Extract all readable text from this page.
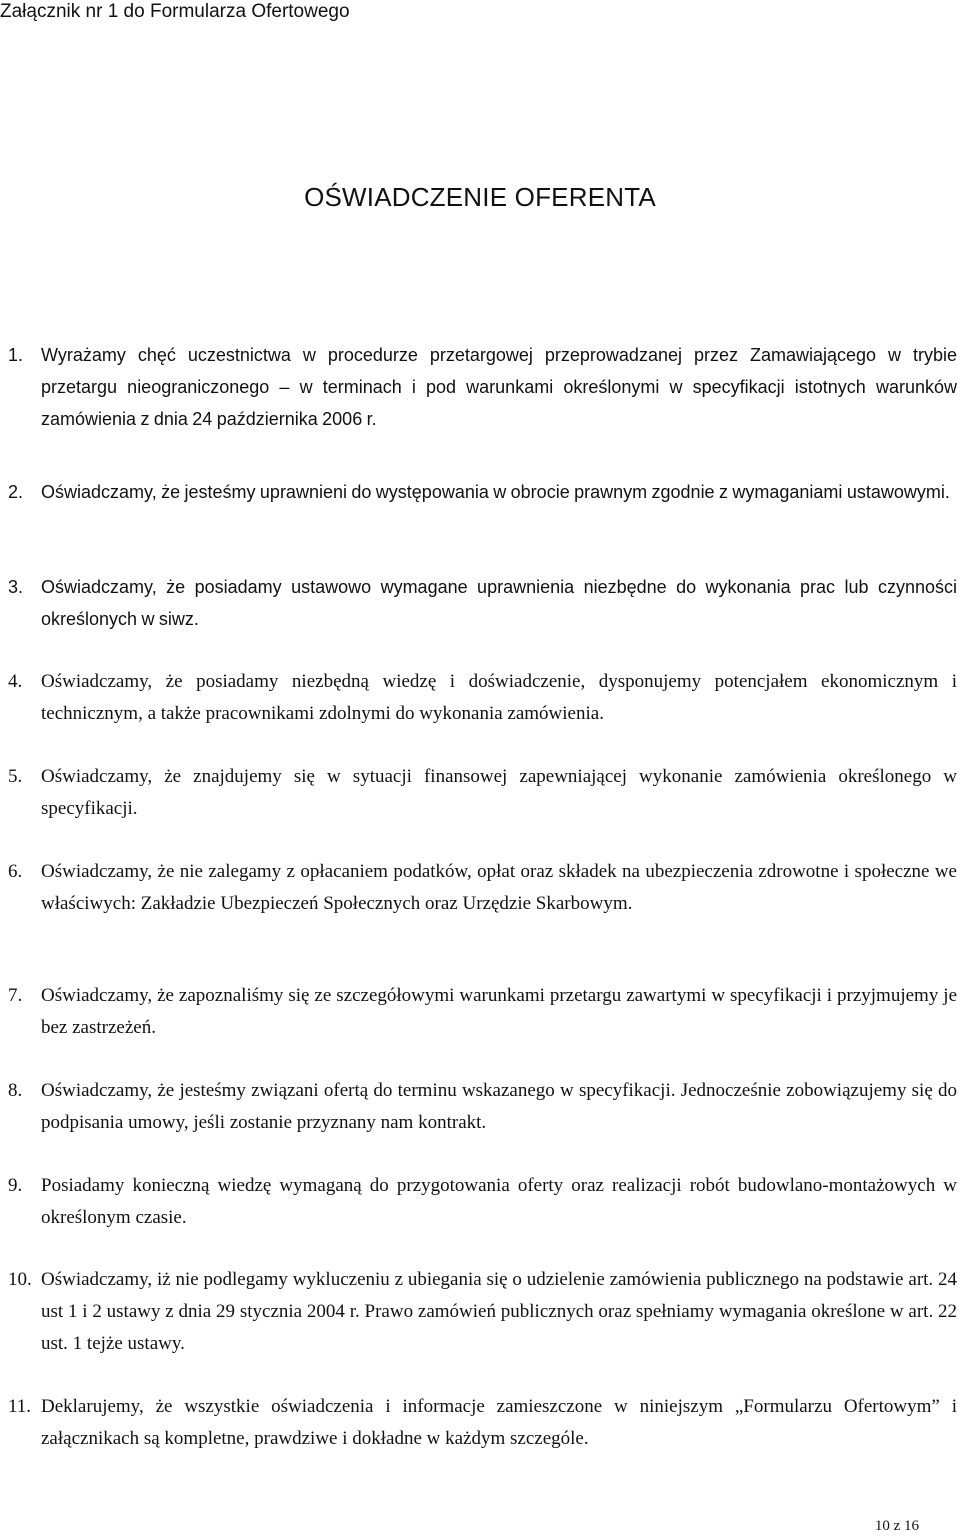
Załącznik nr 1 do Formularza Ofertowego
OŚWIADCZENIE OFERENTA
1. Wyrażamy chęć uczestnictwa w procedurze przetargowej przeprowadzanej przez Zamawiającego w trybie przetargu nieograniczonego – w terminach i pod warunkami określonymi w specyfikacji istotnych warunków zamówienia z dnia 24 października 2006 r.
2. Oświadczamy, że jesteśmy uprawnieni do występowania w obrocie prawnym zgodnie z wymaganiami ustawowymi.
3. Oświadczamy, że posiadamy ustawowo wymagane uprawnienia niezbędne do wykonania prac lub czynności określonych w siwz.
4. Oświadczamy, że posiadamy niezbędną wiedzę i doświadczenie, dysponujemy potencjałem ekonomicznym i technicznym, a także pracownikami zdolnymi do wykonania zamówienia.
5. Oświadczamy, że znajdujemy się w sytuacji finansowej zapewniającej wykonanie zamówienia określonego w specyfikacji.
6. Oświadczamy, że nie zalegamy z opłacaniem podatków, opłat oraz składek na ubezpieczenia zdrowotne i społeczne we właściwych: Zakładzie Ubezpieczeń Społecznych oraz Urzędzie Skarbowym.
7. Oświadczamy, że zapoznaliśmy się ze szczegółowymi warunkami przetargu zawartymi w specyfikacji i przyjmujemy je bez zastrzeżeń.
8. Oświadczamy, że jesteśmy związani ofertą do terminu wskazanego w specyfikacji. Jednocześnie zobowiązujemy się do podpisania umowy, jeśli zostanie przyznany nam kontrakt.
9. Posiadamy konieczną wiedzę wymaganą do przygotowania oferty oraz realizacji robót budowlano-montażowych w określonym czasie.
10. Oświadczamy, iż nie podlegamy wykluczeniu z ubiegania się o udzielenie zamówienia publicznego na podstawie art. 24 ust 1 i 2 ustawy z dnia 29 stycznia 2004 r. Prawo zamówień publicznych oraz spełniamy wymagania określone w art. 22 ust. 1 tejże ustawy.
11. Deklarujemy, że wszystkie oświadczenia i informacje zamieszczone w niniejszym „Formularzu Ofertowym” i załącznikach są kompletne, prawdziwe i dokładne w każdym szczególe.
10 z 16
